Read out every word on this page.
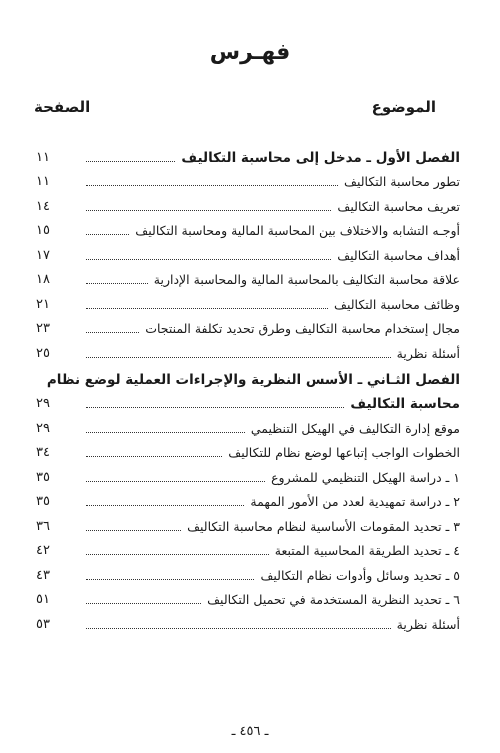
فهـرس
الموضوع
الصفحة
الفصل الأول ـ مدخل إلى محاسبة التكاليف
١١
تطور محاسبة التكاليف
١١
تعريف محاسبة التكاليف
١٤
أوجـه التشابه والاختلاف بين المحاسبة المالية ومحاسبة التكاليف
١٥
أهداف محاسبة التكاليف
١٧
علاقة محاسبة التكاليف بالمحاسبة المالية والمحاسبة الإدارية
١٨
وظائف محاسبة التكاليف
٢١
مجال إستخدام محاسبة التكاليف وطرق تحديد تكلفة المنتجات
٢٣
أسئلة نظرية
٢٥
الفصل الثـاني ـ الأسس النظرية والإجراءات العملية لوضع نظام
محاسبة التكاليف
٢٩
موقع إدارة التكاليف في الهيكل التنظيمي
٢٩
الخطوات الواجب إتباعها لوضع نظام للتكاليف
٣٤
١ ـ دراسة الهيكل التنظيمي للمشروع
٣٥
٢ ـ دراسة تمهيدية لعدد من الأمور المهمة
٣٥
٣ ـ تحديد المقومات الأساسية لنظام محاسبة التكاليف
٣٦
٤ ـ تحديد الطريقة المحاسبية المتبعة
٤٢
٥ ـ تحديد وسائل وأدوات نظام التكاليف
٤٣
٦ ـ تحديد النظرية المستخدمة في تحميل التكاليف
٥١
أسئلة نظرية
٥٣
ـ ٤٥٦ ـ
